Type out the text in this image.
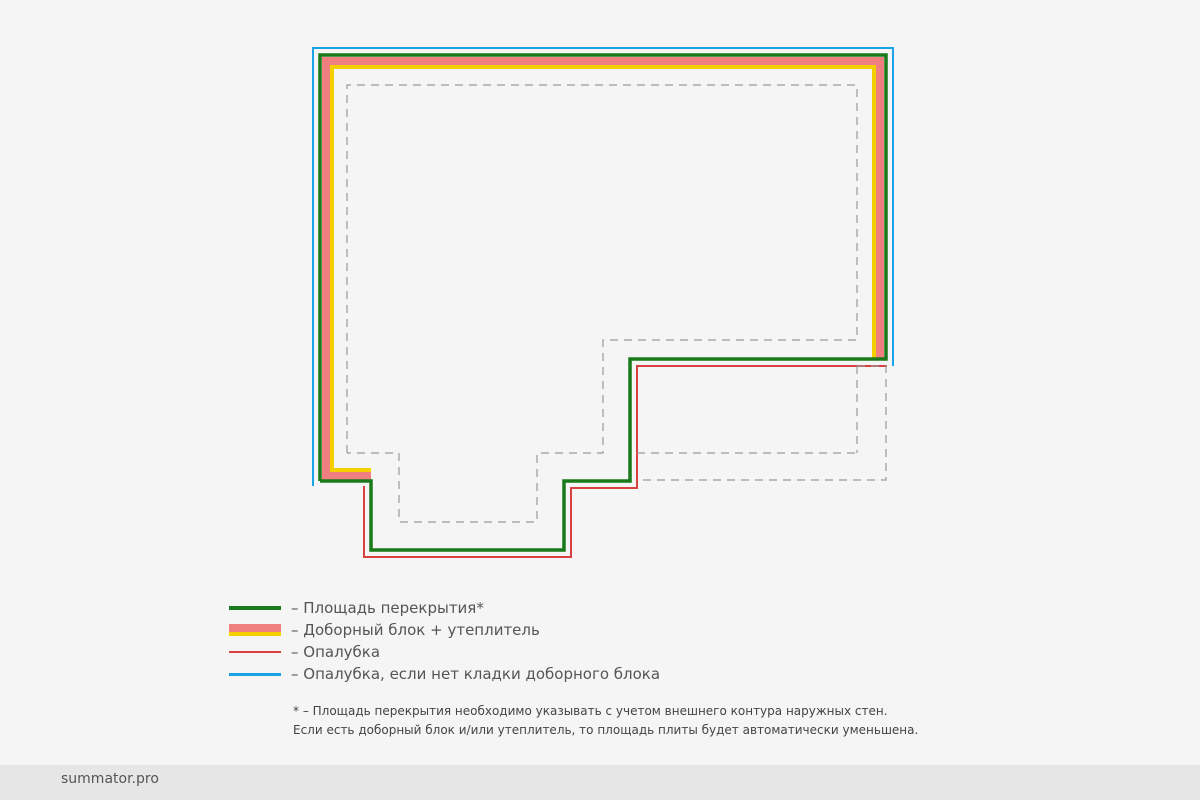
– Площадь перекрытия*
– Доборный блок + утеплитель
– Опалубка
– Опалубка, если нет кладки доборного блока
* – Площадь перекрытия необходимо указывать с учетом внешнего контура наружных стен.
Если есть доборный блок и/или утеплитель, то площадь плиты будет автоматически уменьшена.
summator.pro
